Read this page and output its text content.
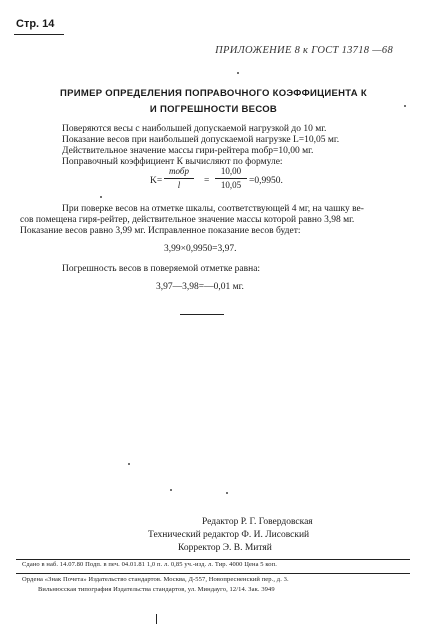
Стр. 14
ПРИЛОЖЕНИЕ 8 к ГОСТ 13718 —68
ПРИМЕР ОПРЕДЕЛЕНИЯ ПОПРАВОЧНОГО КОЭФФИЦИЕНТА К
И ПОГРЕШНОСТИ ВЕСОВ
Поверяются весы с наибольшей допускаемой нагрузкой до 10 мг.
Показание весов при наибольшей допускаемой нагрузке L=10,05 мг.
Действительное значение массы гири-рейтера mобр=10,00 мг.
Поправочный коэффициент К вычисляют по формуле:
K=
mобр
l	=
10,00
10,05 =0,9950.
При поверке весов на отметке шкалы, соответствующей 4 мг, на чашку ве-
сов помещена гиря-рейтер, действительное значение массы которой равно 3,98 мг.
Показание весов равно 3,99 мг. Исправленное показание весов будет:
3,99×0,9950=3,97.
Погрешность весов в поверяемой отметке равна:
3,97—3,98=—0,01 мг.
Редактор Р. Г. Говердовская
Технический редактор Ф. И. Лисовский
Корректор Э. В. Митяй
Сдано в наб. 14.07.80 Подп. в печ. 04.01.81 1,0 п. л. 0,85 уч.-изд. л. Тир. 4000 Цена 5 коп.
Ордена «Знак Почета» Издательство стандартов. Москва, Д-557, Новопресненский пер., д. 3.
Вильнюсская типография Издательства стандартов, ул. Миндауго, 12/14. Зак. 3949
